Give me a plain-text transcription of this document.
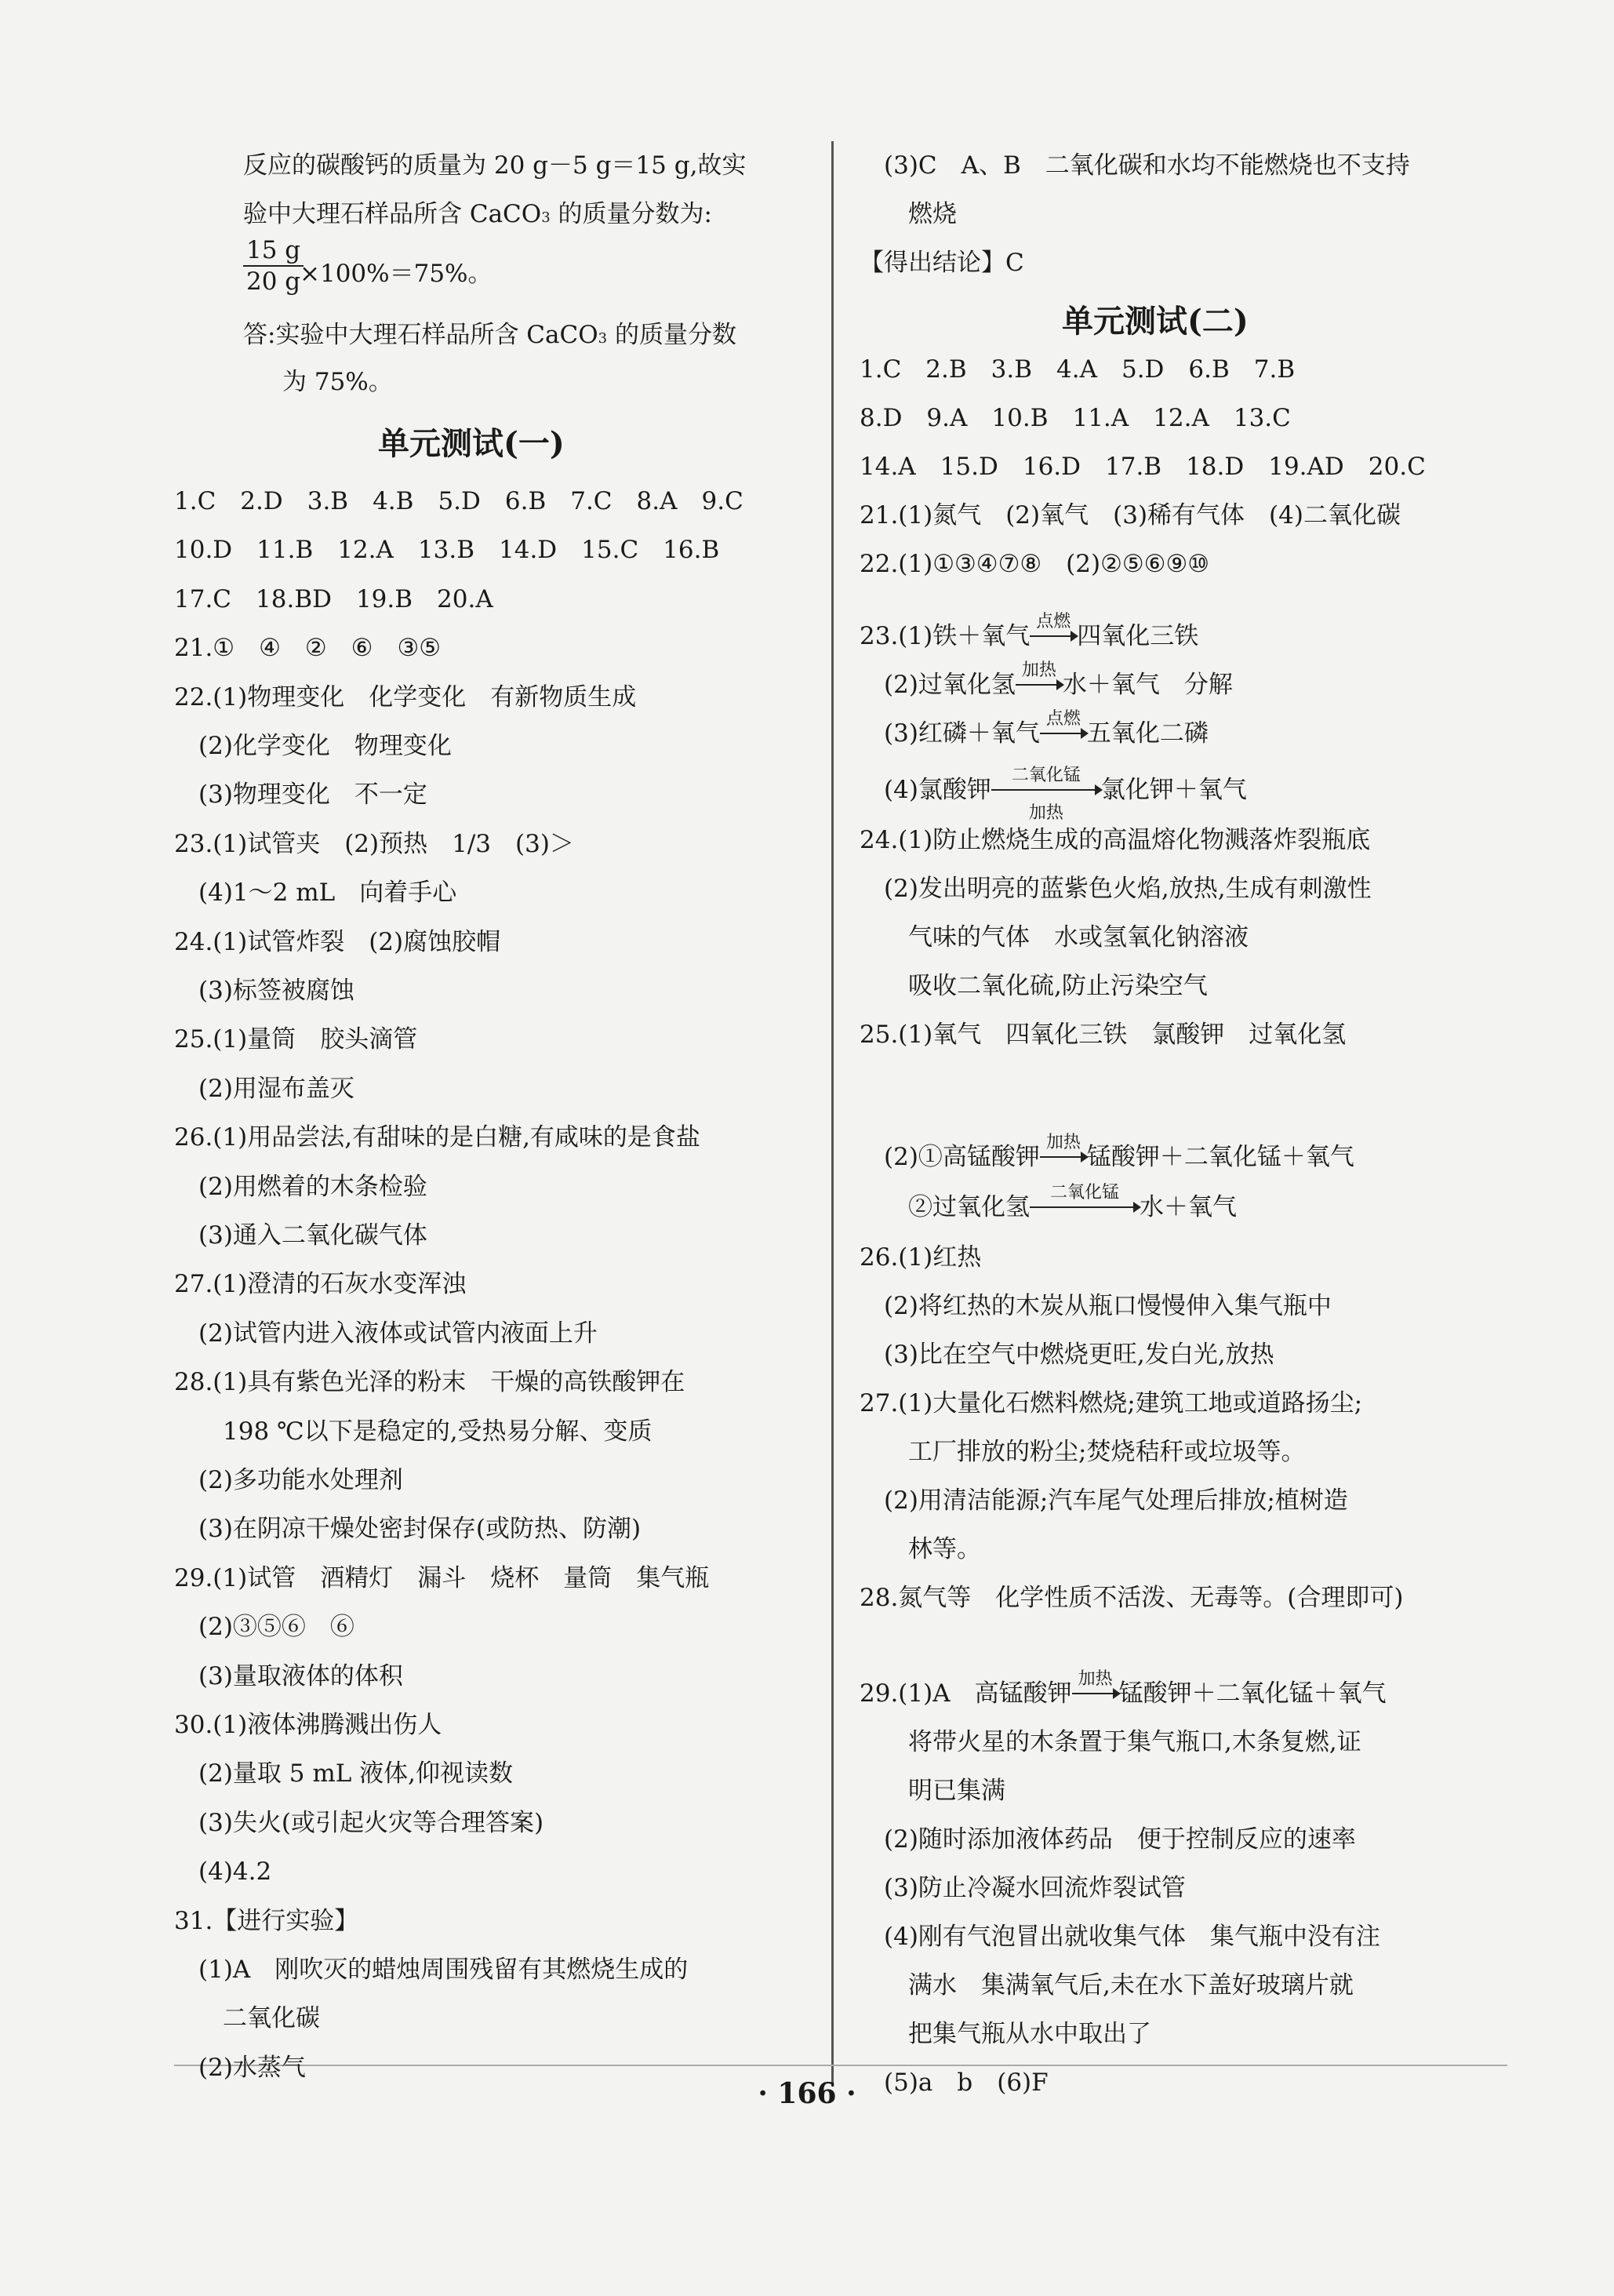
反应的碳酸钙的质量为 20 g－5 g＝15 g,故实
验中大理石样品所含 CaCO3 的质量分数为:
$\frac{15 g}{20 g}$
×100%＝75%。
答:实验中大理石样品所含 CaCO3 的质量分数
为 75%。
单元测试(一)
1.C　2.D　3.B　4.B　5.D　6.B　7.C　8.A　9.C
10.D　11.B　12.A　13.B　14.D　15.C　16.B
17.C　18.BD　19.B　20.A
21.①　④　②　⑥　③⑤
22.(1)物理变化　化学变化　有新物质生成
　(2)化学变化　物理变化
　(3)物理变化　不一定
23.(1)试管夹　(2)预热　1/3　(3)＞
　(4)1～2 mL　向着手心
24.(1)试管炸裂　(2)腐蚀胶帽
　(3)标签被腐蚀
25.(1)量筒　胶头滴管
　(2)用湿布盖灭
26.(1)用品尝法,有甜味的是白糖,有咸味的是食盐
　(2)用燃着的木条检验
　(3)通入二氧化碳气体
27.(1)澄清的石灰水变浑浊
　(2)试管内进入液体或试管内液面上升
28.(1)具有紫色光泽的粉末　干燥的高铁酸钾在
　　198 ℃以下是稳定的,受热易分解、变质
　(2)多功能水处理剂
　(3)在阴凉干燥处密封保存(或防热、防潮)
29.(1)试管　酒精灯　漏斗　烧杯　量筒　集气瓶
　(2)③⑤⑥　⑥
　(3)量取液体的体积
30.(1)液体沸腾溅出伤人
　(2)量取 5 mL 液体,仰视读数
　(3)失火(或引起火灾等合理答案)
　(4)4.2
31.【进行实验】
　(1)A　刚吹灭的蜡烛周围残留有其燃烧生成的
　　二氧化碳
　(2)水蒸气
　(3)C　A、B　二氧化碳和水均不能燃烧也不支持
　　燃烧
【得出结论】C
单元测试(二)
1.C　2.B　3.B　4.A　5.D　6.B　7.B
8.D　9.A　10.B　11.A　12.A　13.C
14.A　15.D　16.D　17.B　18.D　19.AD　20.C
21.(1)氮气　(2)氧气　(3)稀有气体　(4)二氧化碳
22.(1)①③④⑦⑧　(2)②⑤⑥⑨⑩
23.(1)铁＋氧气
点燃
四氧化三铁
　(2)过氧化氢
加热
水＋氧气　分解
　(3)红磷＋氧气
点燃
五氧化二磷
　(4)氯酸钾
二氧化锰
加热
氯化钾＋氧气
24.(1)防止燃烧生成的高温熔化物溅落炸裂瓶底
　(2)发出明亮的蓝紫色火焰,放热,生成有刺激性
　　气味的气体　水或氢氧化钠溶液
　　吸收二氧化硫,防止污染空气
25.(1)氧气　四氧化三铁　氯酸钾　过氧化氢
　(2)①高锰酸钾
加热
锰酸钾＋二氧化锰＋氧气
　　②过氧化氢
二氧化锰
水＋氧气
26.(1)红热
　(2)将红热的木炭从瓶口慢慢伸入集气瓶中
　(3)比在空气中燃烧更旺,发白光,放热
27.(1)大量化石燃料燃烧;建筑工地或道路扬尘;
　　工厂排放的粉尘;焚烧秸秆或垃圾等。
　(2)用清洁能源;汽车尾气处理后排放;植树造
　　林等。
28.氮气等　化学性质不活泼、无毒等。(合理即可)
29.(1)A　高锰酸钾
加热
锰酸钾＋二氧化锰＋氧气
　　将带火星的木条置于集气瓶口,木条复燃,证
　　明已集满
　(2)随时添加液体药品　便于控制反应的速率
　(3)防止冷凝水回流炸裂试管
　(4)刚有气泡冒出就收集气体　集气瓶中没有注
　　满水　集满氧气后,未在水下盖好玻璃片就
　　把集气瓶从水中取出了
　(5)a　b　(6)F
· 166 ·
